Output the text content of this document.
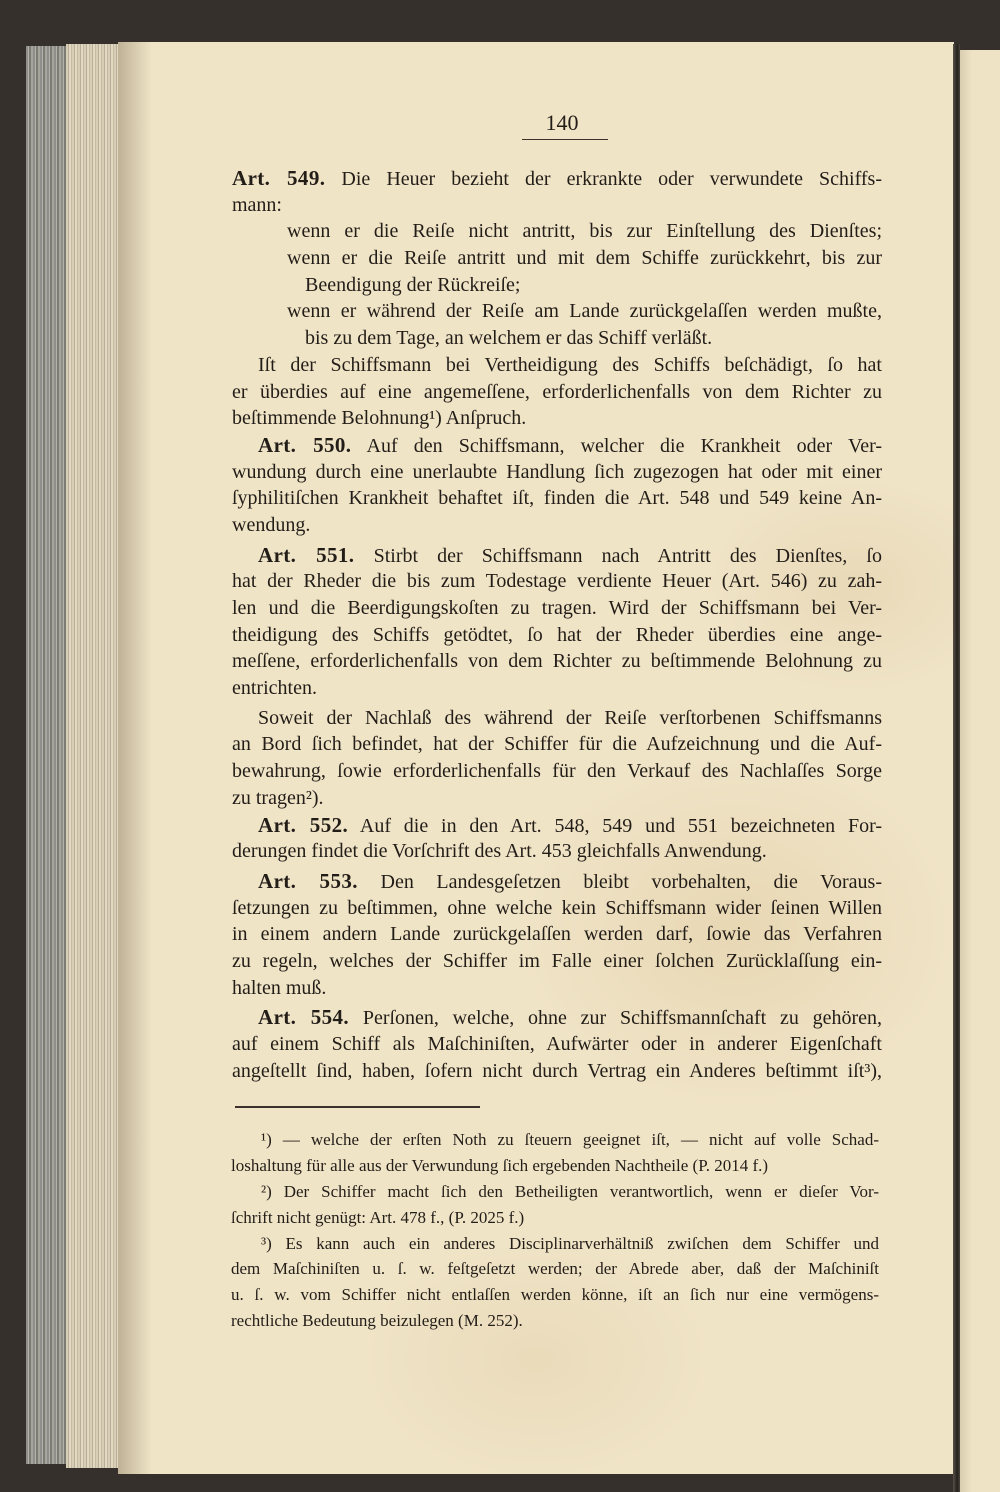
140
Art. 549. Die Heuer bezieht der erkrankte oder verwundete Schiffs-
mann:
wenn er die Reiſe nicht antritt, bis zur Einſtellung des Dienſtes;
wenn er die Reiſe antritt und mit dem Schiffe zurückkehrt, bis zur
Beendigung der Rückreiſe;
wenn er während der Reiſe am Lande zurückgelaſſen werden mußte,
bis zu dem Tage, an welchem er das Schiff verläßt.
Iſt der Schiffsmann bei Vertheidigung des Schiffs beſchädigt, ſo hat
er überdies auf eine angemeſſene, erforderlichenfalls von dem Richter zu
beſtimmende Belohnung¹) Anſpruch.
Art. 550. Auf den Schiffsmann, welcher die Krankheit oder Ver-
wundung durch eine unerlaubte Handlung ſich zugezogen hat oder mit einer
ſyphilitiſchen Krankheit behaftet iſt, finden die Art. 548 und 549 keine An-
wendung.
Art. 551. Stirbt der Schiffsmann nach Antritt des Dienſtes, ſo
hat der Rheder die bis zum Todestage verdiente Heuer (Art. 546) zu zah-
len und die Beerdigungskoſten zu tragen. Wird der Schiffsmann bei Ver-
theidigung des Schiffs getödtet, ſo hat der Rheder überdies eine ange-
meſſene, erforderlichenfalls von dem Richter zu beſtimmende Belohnung zu
entrichten.
Soweit der Nachlaß des während der Reiſe verſtorbenen Schiffsmanns
an Bord ſich befindet, hat der Schiffer für die Aufzeichnung und die Auf-
bewahrung, ſowie erforderlichenfalls für den Verkauf des Nachlaſſes Sorge
zu tragen²).
Art. 552. Auf die in den Art. 548, 549 und 551 bezeichneten For-
derungen findet die Vorſchrift des Art. 453 gleichfalls Anwendung.
Art. 553. Den Landesgeſetzen bleibt vorbehalten, die Voraus-
ſetzungen zu beſtimmen, ohne welche kein Schiffsmann wider ſeinen Willen
in einem andern Lande zurückgelaſſen werden darf, ſowie das Verfahren
zu regeln, welches der Schiffer im Falle einer ſolchen Zurücklaſſung ein-
halten muß.
Art. 554. Perſonen, welche, ohne zur Schiffsmannſchaft zu gehören,
auf einem Schiff als Maſchiniſten, Aufwärter oder in anderer Eigenſchaft
angeſtellt ſind, haben, ſofern nicht durch Vertrag ein Anderes beſtimmt iſt³),
¹) — welche der erſten Noth zu ſteuern geeignet iſt, — nicht auf volle Schad-
loshaltung für alle aus der Verwundung ſich ergebenden Nachtheile (P. 2014 f.)
²) Der Schiffer macht ſich den Betheiligten verantwortlich, wenn er dieſer Vor-
ſchrift nicht genügt: Art. 478 f., (P. 2025 f.)
³) Es kann auch ein anderes Disciplinarverhältniß zwiſchen dem Schiffer und
dem Maſchiniſten u. ſ. w. feſtgeſetzt werden; der Abrede aber, daß der Maſchiniſt
u. ſ. w. vom Schiffer nicht entlaſſen werden könne, iſt an ſich nur eine vermögens-
rechtliche Bedeutung beizulegen (M. 252).
